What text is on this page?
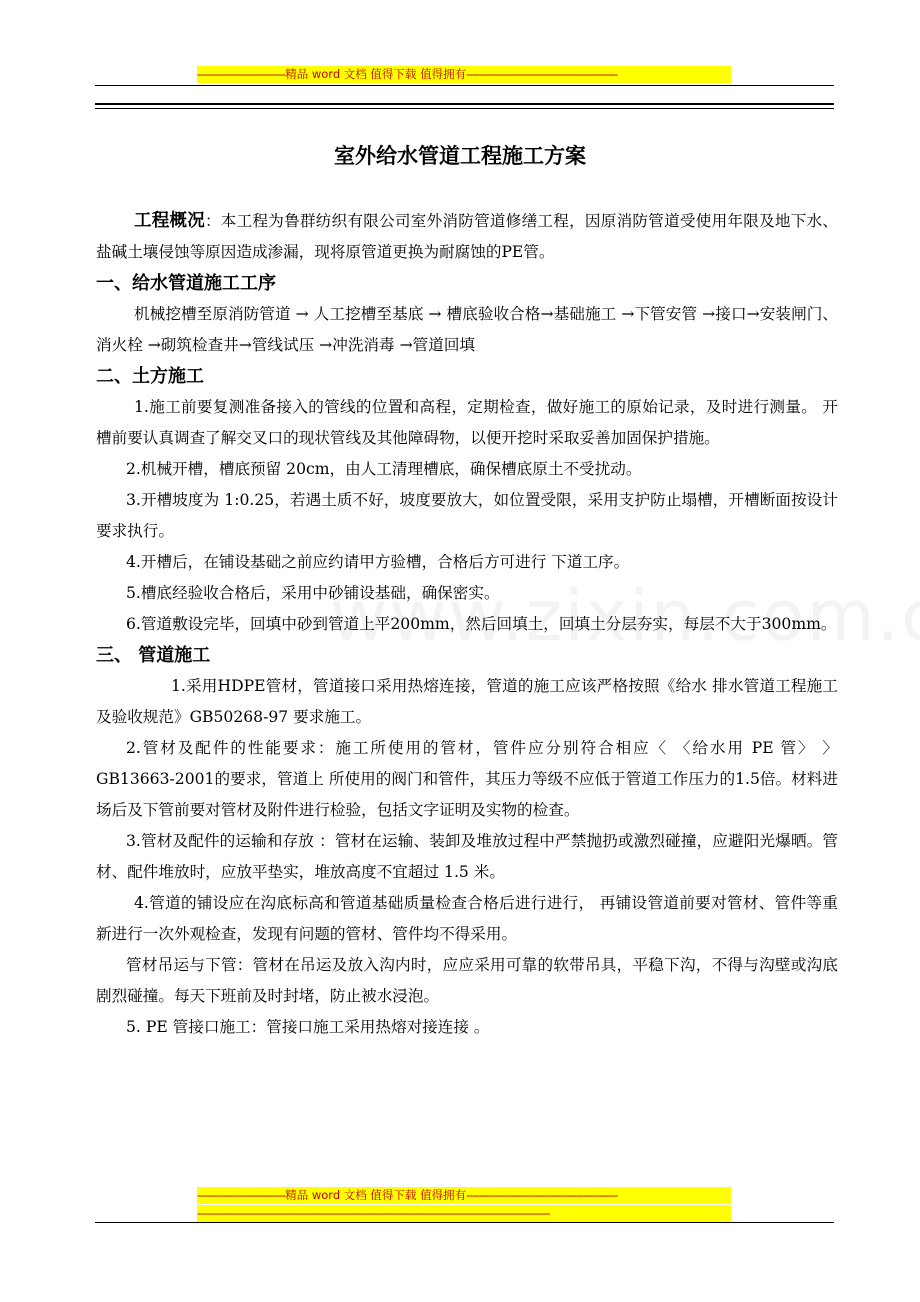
----------------------------精品 word 文档 值得下载 值得拥有------------------------------------------------
室外给水管道工程施工方案

工程概况：本工程为鲁群纺织有限公司室外消防管道修缮工程，因原消防管道受使用年限及地下水、盐碱土壤侵蚀等原因造成渗漏，现将原管道更换为耐腐蚀的PE管。

一、给水管道施工工序

机械挖槽至原消防管道 → 人工挖槽至基底 → 槽底验收合格→基础施工 →下管安管 →接口→安装闸门、消火栓 →砌筑检查井→管线试压 →冲洗消毒 →管道回填

二、土方施工

1.施工前要复测准备接入的管线的位置和高程，定期检查，做好施工的原始记录，及时进行测量。 开槽前要认真调查了解交叉口的现状管线及其他障碍物，以便开挖时采取妥善加固保护措施。

2.机械开槽，槽底预留 20cm，由人工清理槽底，确保槽底原土不受扰动。

3.开槽坡度为 1:0.25，若遇土质不好，坡度要放大，如位置受限，采用支护防止塌槽，开槽断面按设计要求执行。

4.开槽后，在铺设基础之前应约请甲方验槽，合格后方可进行 下道工序。

5.槽底经验收合格后，采用中砂铺设基础，确保密实。

6.管道敷设完毕，回填中砂到管道上平200mm，然后回填土，回填土分层夯实，每层不大于300mm。

三、 管道施工

1.采用HDPE管材，管道接口采用热熔连接，管道的施工应该严格按照《给水 排水管道工程施工及验收规范》GB50268-97 要求施工。

2.管材及配件的性能要求：施工所使用的管材，管件应分别符合相应〈 〈给水用 PE 管〉 〉GB13663-2001的要求，管道上 所使用的阀门和管件，其压力等级不应低于管道工作压力的1.5倍。材料进场后及下管前要对管材及附件进行检验，包括文字证明及实物的检查。

3.管材及配件的运输和存放 ：管材在运输、装卸及堆放过程中严禁抛扔或激烈碰撞，应避阳光爆晒。管材、配件堆放时，应放平垫实，堆放高度不宜超过 1.5 米。

4.管道的铺设应在沟底标高和管道基础质量检查合格后进行进行， 再铺设管道前要对管材、管件等重新进行一次外观检查，发现有问题的管材、管件均不得采用。

管材吊运与下管：管材在吊运及放入沟内时，应应采用可靠的软带吊具，平稳下沟，不得与沟壁或沟底剧烈碰撞。每天下班前及时封堵，防止被水浸泡。

5. PE 管接口施工：管接口施工采用热熔对接连接 。

----------------------------精品 word 文档 值得下载 值得拥有------------------------------------------------
----------------------------------------------------------------------------------------------------------------
